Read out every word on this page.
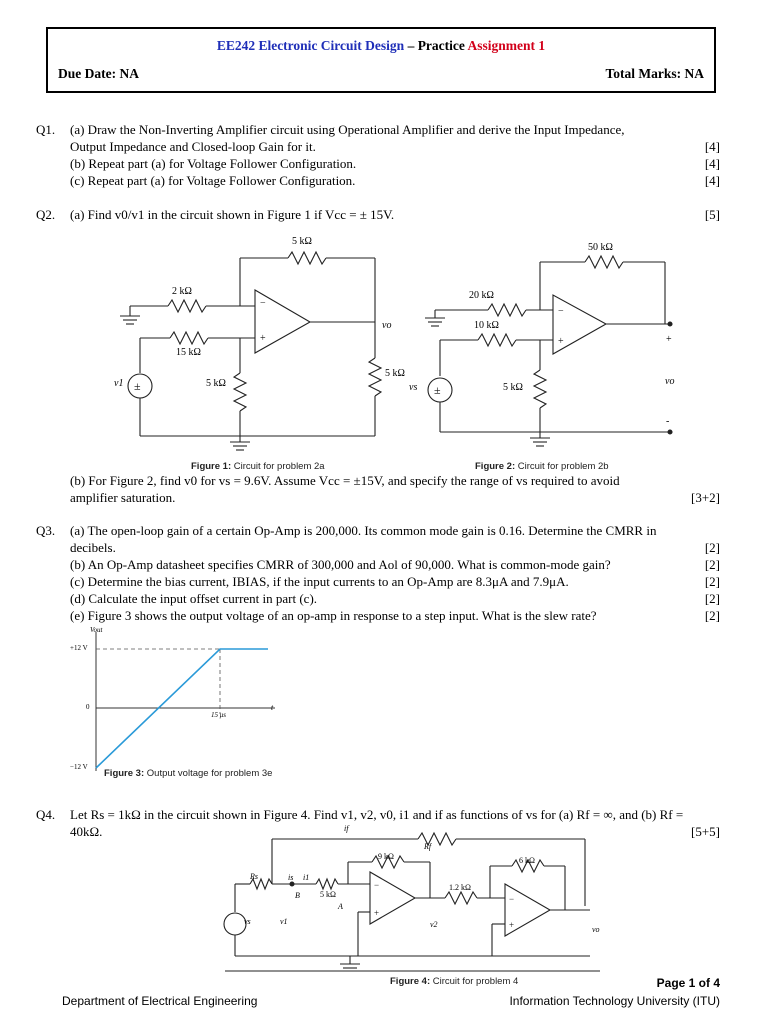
EE242 Electronic Circuit Design – Practice Assignment 1
Due Date: NA	Total Marks: NA
Q1. (a) Draw the Non-Inverting Amplifier circuit using Operational Amplifier and derive the Input Impedance,
Output Impedance and Closed-loop Gain for it.	[4]
(b) Repeat part (a) for Voltage Follower Configuration.	[4]
(c) Repeat part (a) for Voltage Follower Configuration.	[4]
Q2. (a) Find v0/v1 in the circuit shown in Figure 1 if Vcc = ± 15V.	[5]
−
+
±
5 kΩ
2 kΩ
15 kΩ
5 kΩ
5 kΩ
v1
vo
Figure 1: Circuit for problem 2a
−
+
±
50 kΩ
20 kΩ
10 kΩ
5 kΩ
vs
vo
+
-
Figure 2: Circuit for problem 2b
(b) For Figure 2, find v0 for vs = 9.6V. Assume Vcc = ±15V, and specify the range of vs required to avoid
amplifier saturation.	[3+2]
Q3. (a) The open-loop gain of a certain Op-Amp is 200,000. Its common mode gain is 0.16. Determine the CMRR in
decibels.	[2]
(b) An Op-Amp datasheet specifies CMRR of 300,000 and Aol of 90,000. What is common-mode gain?	[2]
(c) Determine the bias current, IBIAS, if the input currents to an Op-Amp are 8.3μA and 7.9μA.	[2]
(d) Calculate the input offset current in part (c).	[2]
(e) Figure 3 shows the output voltage of an op-amp in response to a step input. What is the slew rate?	[2]
Vout
t
+12 V
0
−12 V
15 μs
Figure 3: Output voltage for problem 3e
Q4. Let Rs = 1kΩ in the circuit shown in Figure 4. Find v1, v2, v0, i1 and if as functions of vs for (a) Rf = ∞, and (b) Rf =
40kΩ.	[5+5]
−
+
−
+
if
Rf
9 kΩ	6 kΩ
1.2 kΩ
5 kΩ
Rs	is i1
B
A
vs	v1	v2
vo
Figure 4: Circuit for problem 4	Page 1 of 4
Department of Electrical Engineering	Information Technology University (ITU)
